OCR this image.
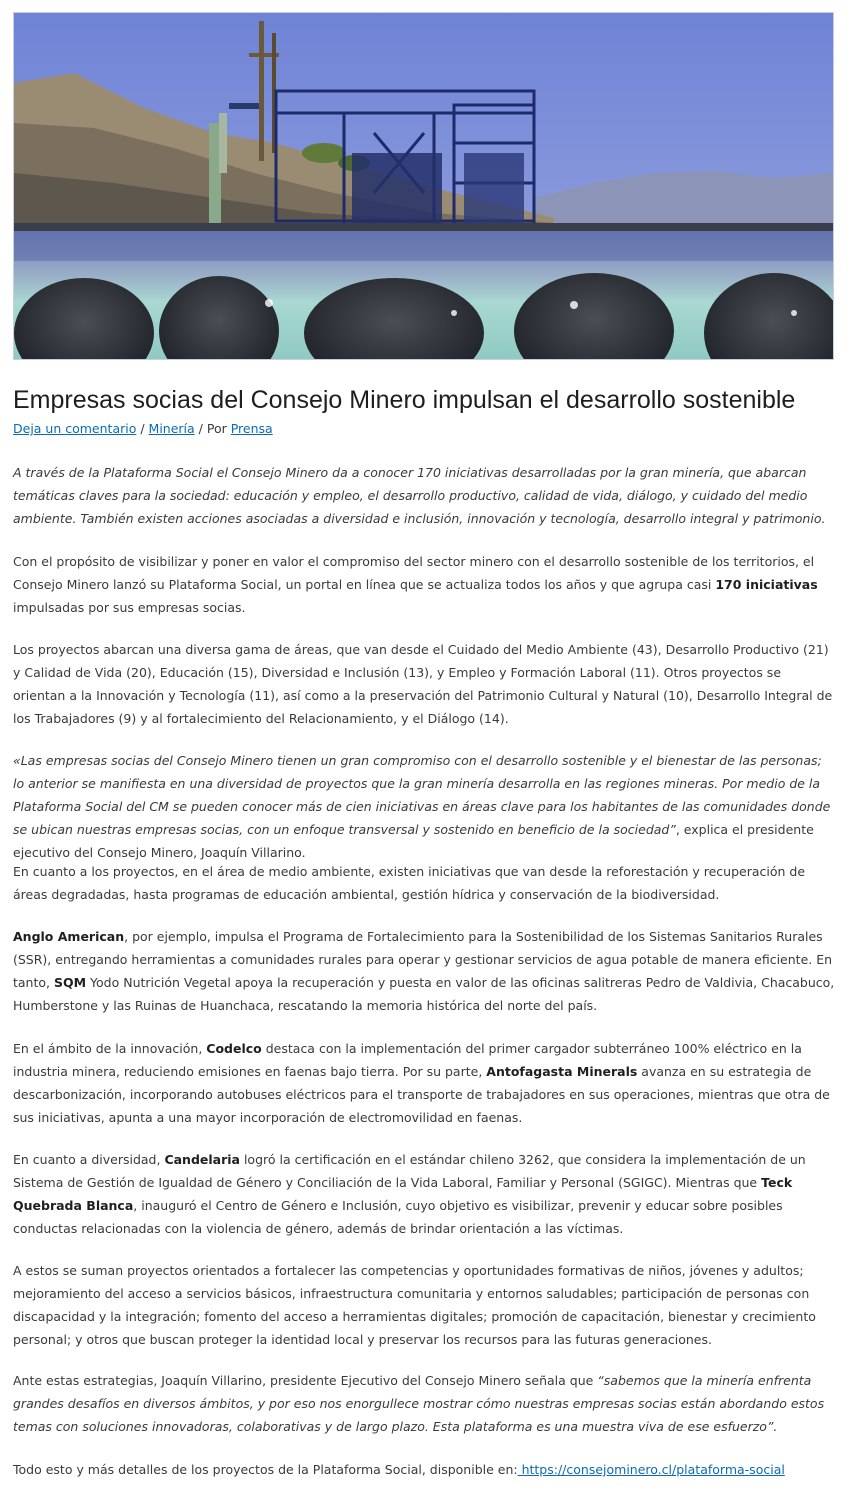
Empresas socias del Consejo Minero impulsan el desarrollo sostenible
Deja un comentario / Minería / Por Prensa

A través de la Plataforma Social el Consejo Minero da a conocer 170 iniciativas desarrolladas por la gran minería, que abarcan temáticas claves para la sociedad: educación y empleo, el desarrollo productivo, calidad de vida, diálogo, y cuidado del medio ambiente. También existen acciones asociadas a diversidad e inclusión, innovación y tecnología, desarrollo integral y patrimonio.

Con el propósito de visibilizar y poner en valor el compromiso del sector minero con el desarrollo sostenible de los territorios, el Consejo Minero lanzó su Plataforma Social, un portal en línea que se actualiza todos los años y que agrupa casi 170 iniciativas impulsadas por sus empresas socias.

Los proyectos abarcan una diversa gama de áreas, que van desde el Cuidado del Medio Ambiente (43), Desarrollo Productivo (21) y Calidad de Vida (20), Educación (15), Diversidad e Inclusión (13), y Empleo y Formación Laboral (11). Otros proyectos se orientan a la Innovación y Tecnología (11), así como a la preservación del Patrimonio Cultural y Natural (10), Desarrollo Integral de los Trabajadores (9) y al fortalecimiento del Relacionamiento, y el Diálogo (14).

«Las empresas socias del Consejo Minero tienen un gran compromiso con el desarrollo sostenible y el bienestar de las personas; lo anterior se manifiesta en una diversidad de proyectos que la gran minería desarrolla en las regiones mineras. Por medio de la Plataforma Social del CM se pueden conocer más de cien iniciativas en áreas clave para los habitantes de las comunidades donde se ubican nuestras empresas socias, con un enfoque transversal y sostenido en beneficio de la sociedad”, explica el presidente ejecutivo del Consejo Minero, Joaquín Villarino.

En cuanto a los proyectos, en el área de medio ambiente, existen iniciativas que van desde la reforestación y recuperación de áreas degradadas, hasta programas de educación ambiental, gestión hídrica y conservación de la biodiversidad.

Anglo American, por ejemplo, impulsa el Programa de Fortalecimiento para la Sostenibilidad de los Sistemas Sanitarios Rurales (SSR), entregando herramientas a comunidades rurales para operar y gestionar servicios de agua potable de manera eficiente. En tanto, SQM Yodo Nutrición Vegetal apoya la recuperación y puesta en valor de las oficinas salitreras Pedro de Valdivia, Chacabuco, Humberstone y las Ruinas de Huanchaca, rescatando la memoria histórica del norte del país.

En el ámbito de la innovación, Codelco destaca con la implementación del primer cargador subterráneo 100% eléctrico en la industria minera, reduciendo emisiones en faenas bajo tierra. Por su parte, Antofagasta Minerals avanza en su estrategia de descarbonización, incorporando autobuses eléctricos para el transporte de trabajadores en sus operaciones, mientras que otra de sus iniciativas, apunta a una mayor incorporación de electromovilidad en faenas.

En cuanto a diversidad, Candelaria logró la certificación en el estándar chileno 3262, que considera la implementación de un Sistema de Gestión de Igualdad de Género y Conciliación de la Vida Laboral, Familiar y Personal (SGIGC). Mientras que Teck Quebrada Blanca, inauguró el Centro de Género e Inclusión, cuyo objetivo es visibilizar, prevenir y educar sobre posibles conductas relacionadas con la violencia de género, además de brindar orientación a las víctimas.

A estos se suman proyectos orientados a fortalecer las competencias y oportunidades formativas de niños, jóvenes y adultos; mejoramiento del acceso a servicios básicos, infraestructura comunitaria y entornos saludables; participación de personas con discapacidad y la integración; fomento del acceso a herramientas digitales; promoción de capacitación, bienestar y crecimiento personal; y otros que buscan proteger la identidad local y preservar los recursos para las futuras generaciones.

Ante estas estrategias, Joaquín Villarino, presidente Ejecutivo del Consejo Minero señala que “sabemos que la minería enfrenta grandes desafíos en diversos ámbitos, y por eso nos enorgullece mostrar cómo nuestras empresas socias están abordando estos temas con soluciones innovadoras, colaborativas y de largo plazo. Esta plataforma es una muestra viva de ese esfuerzo”.

Todo esto y más detalles de los proyectos de la Plataforma Social, disponible en: https://consejominero.cl/plataforma-social
